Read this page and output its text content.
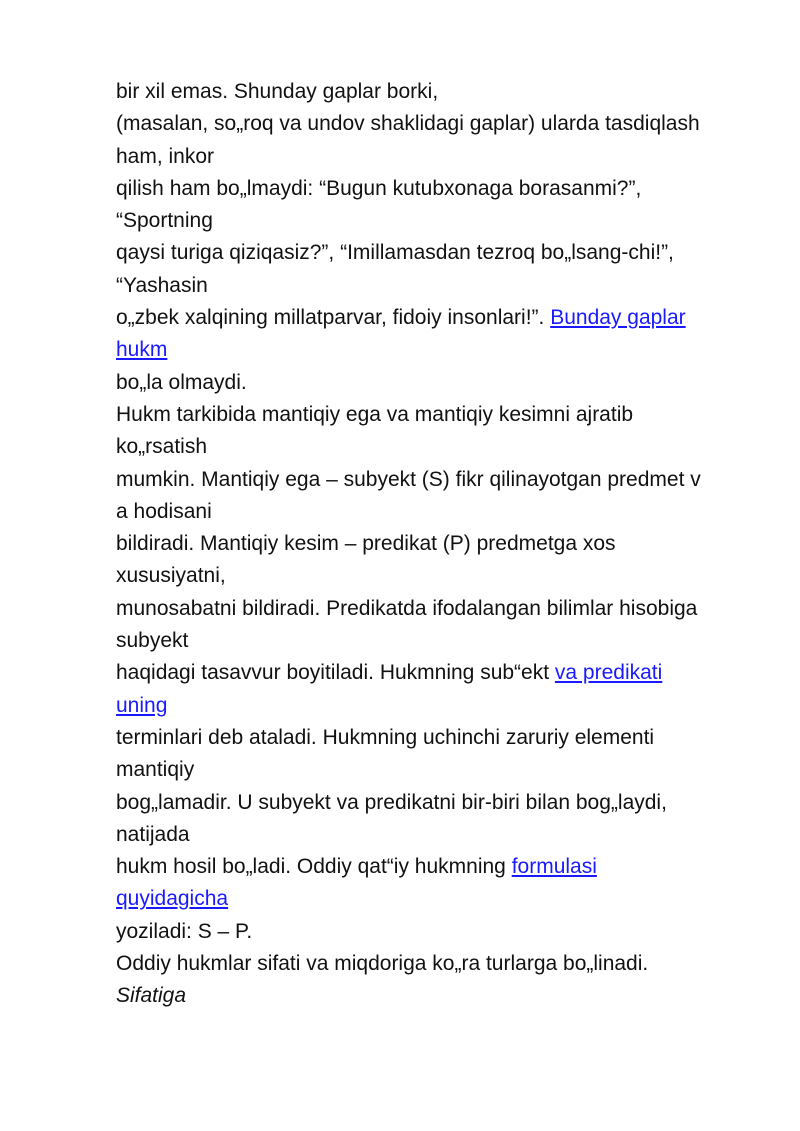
bir xil emas. Shunday gaplar borki,
(masalan, so„roq va undov shaklidagi gaplar) ularda tasdiqlash
ham, inkor
qilish ham bo„lmaydi: “Bugun kutubxonaga borasanmi?”,
“Sportning
qaysi turiga qiziqasiz?”, “Imillamasdan tezroq bo„lsang-chi!”,
“Yashasin
o„zbek xalqining millatparvar, fidoiy insonlari!”. Bunday gaplar
hukm
bo„la olmaydi.
Hukm tarkibida mantiqiy ega va mantiqiy kesimni ajratib
ko„rsatish
mumkin. Mantiqiy ega – subyekt (S) fikr qilinayotgan predmet v
a hodisani
bildiradi. Mantiqiy kesim – predikat (P) predmetga xos
xususiyatni,
munosabatni bildiradi. Predikatda ifodalangan bilimlar hisobiga
subyekt
haqidagi tasavvur boyitiladi. Hukmning sub“ekt va predikati
uning
terminlari deb ataladi. Hukmning uchinchi zaruriy elementi
mantiqiy
bog„lamadir. U subyekt va predikatni bir-biri bilan bog„laydi,
natijada
hukm hosil bo„ladi. Oddiy qat“iy hukmning formulasi
quyidagicha
yoziladi: S – P.
Oddiy hukmlar sifati va miqdoriga ko„ra turlarga bo„linadi.
Sifatiga
